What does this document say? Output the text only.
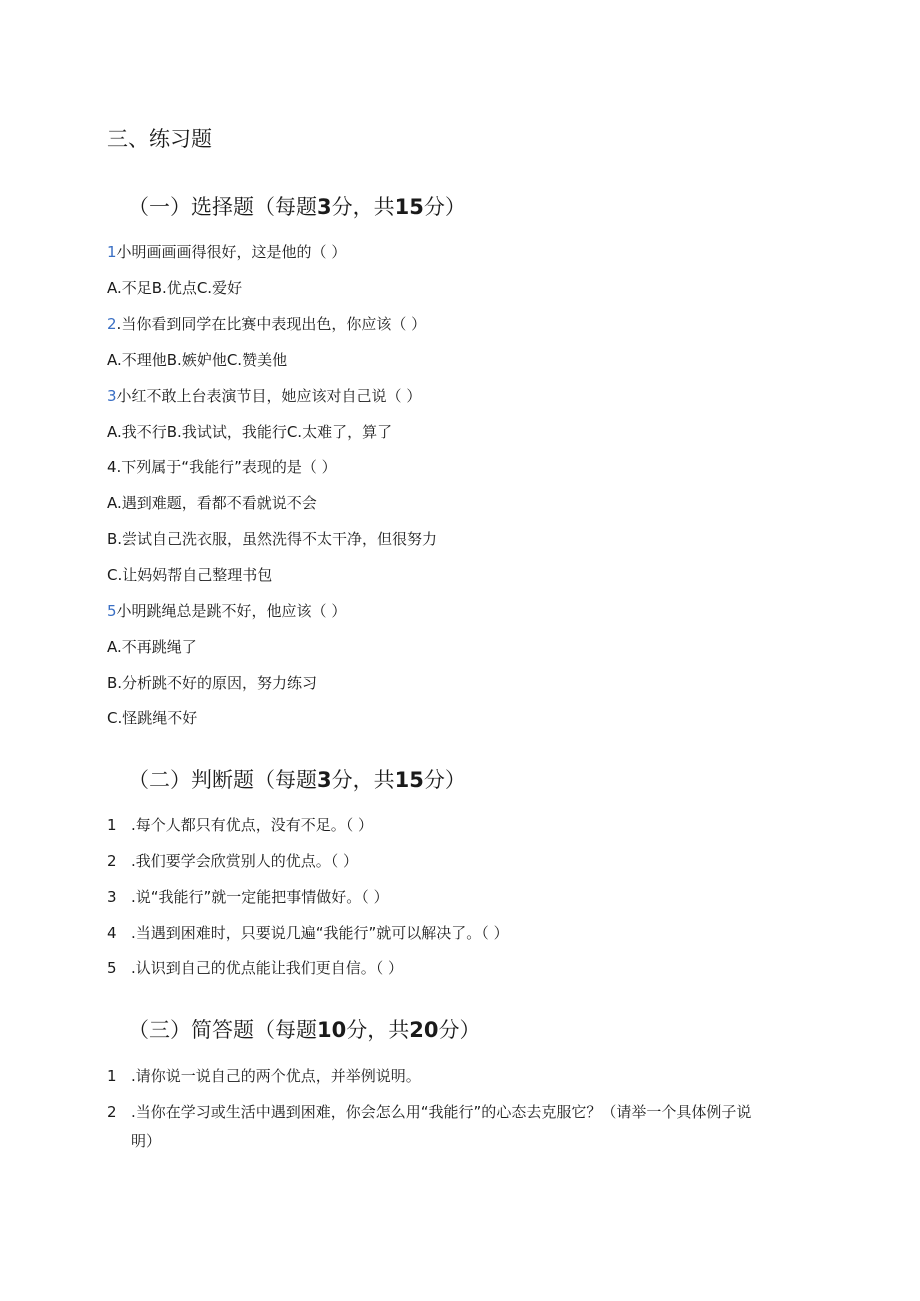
三、练习题
（一）选择题（每题3分，共15分）
1小明画画画得很好，这是他的（ ）
A.不足B.优点C.爱好
2.当你看到同学在比赛中表现出色，你应该（ ）
A.不理他B.嫉妒他C.赞美他
3小红不敢上台表演节目，她应该对自己说（ ）
A.我不行B.我试试，我能行C.太难了，算了
4.下列属于“我能行”表现的是（ ）
A.遇到难题，看都不看就说不会
B.尝试自己洗衣服，虽然洗得不太干净，但很努力
C.让妈妈帮自己整理书包
5小明跳绳总是跳不好，他应该（ ）
A.不再跳绳了
B.分析跳不好的原因，努力练习
C.怪跳绳不好
（二）判断题（每题3分，共15分）
1 .每个人都只有优点，没有不足。（ ）
2 .我们要学会欣赏别人的优点。（ ）
3 .说“我能行”就一定能把事情做好。（ ）
4 .当遇到困难时，只要说几遍“我能行”就可以解决了。（ ）
5 .认识到自己的优点能让我们更自信。（ ）
（三）简答题（每题10分，共20分）
1 .请你说一说自己的两个优点，并举例说明。
2 .当你在学习或生活中遇到困难，你会怎么用“我能行”的心态去克服它？（请举一个具体例子说
明）
